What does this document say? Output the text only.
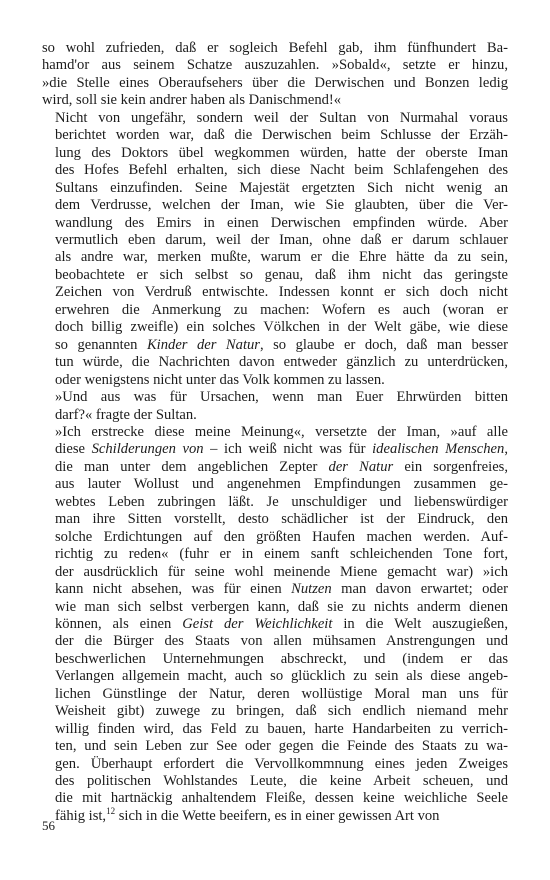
so wohl zufrieden, daß er sogleich Befehl gab, ihm fünfhundert Ba-
hamd'or aus seinem Schatze auszuzahlen. »Sobald«, setzte er hinzu,
»die Stelle eines Oberaufsehers über die Derwischen und Bonzen ledig
wird, soll sie kein andrer haben als Danischmend!«

Nicht von ungefähr, sondern weil der Sultan von Nurmahal voraus
berichtet worden war, daß die Derwischen beim Schlusse der Erzäh-
lung des Doktors übel wegkommen würden, hatte der oberste Iman
des Hofes Befehl erhalten, sich diese Nacht beim Schlafengehen des
Sultans einzufinden. Seine Majestät ergetzten Sich nicht wenig an
dem Verdrusse, welchen der Iman, wie Sie glaubten, über die Ver-
wandlung des Emirs in einen Derwischen empfinden würde. Aber
vermutlich eben darum, weil der Iman, ohne daß er darum schlauer
als andre war, merken mußte, warum er die Ehre hätte da zu sein,
beobachtete er sich selbst so genau, daß ihm nicht das geringste
Zeichen von Verdruß entwischte. Indessen konnt er sich doch nicht
erwehren die Anmerkung zu machen: Wofern es auch (woran er
doch billig zweifle) ein solches Völkchen in der Welt gäbe, wie diese
so genannten Kinder der Natur, so glaube er doch, daß man besser
tun würde, die Nachrichten davon entweder gänzlich zu unterdrücken,
oder wenigstens nicht unter das Volk kommen zu lassen.

»Und aus was für Ursachen, wenn man Euer Ehrwürden bitten
darf?« fragte der Sultan.

»Ich erstrecke diese meine Meinung«, versetzte der Iman, »auf alle
diese Schilderungen von – ich weiß nicht was für idealischen Menschen,
die man unter dem angeblichen Zepter der Natur ein sorgenfreies,
aus lauter Wollust und angenehmen Empfindungen zusammen ge-
webtes Leben zubringen läßt. Je unschuldiger und liebenswürdiger
man ihre Sitten vorstellt, desto schädlicher ist der Eindruck, den
solche Erdichtungen auf den größten Haufen machen werden. Auf-
richtig zu reden« (fuhr er in einem sanft schleichenden Tone fort,
der ausdrücklich für seine wohl meinende Miene gemacht war) »ich
kann nicht absehen, was für einen Nutzen man davon erwartet; oder
wie man sich selbst verbergen kann, daß sie zu nichts anderm dienen
können, als einen Geist der Weichlichkeit in die Welt auszugießen,
der die Bürger des Staats von allen mühsamen Anstrengungen und
beschwerlichen Unternehmungen abschreckt, und (indem er das
Verlangen allgemein macht, auch so glücklich zu sein als diese angeb-
lichen Günstlinge der Natur, deren wollüstige Moral man uns für
Weisheit gibt) zuwege zu bringen, daß sich endlich niemand mehr
willig finden wird, das Feld zu bauen, harte Handarbeiten zu verrich-
ten, und sein Leben zur See oder gegen die Feinde des Staats zu wa-
gen. Überhaupt erfordert die Vervollkommnung eines jeden Zweiges
des politischen Wohlstandes Leute, die keine Arbeit scheuen, und
die mit hartnäckig anhaltendem Fleiße, dessen keine weichliche Seele
fähig ist,$^{12}$ sich in die Wette beeifern, es in einer gewissen Art von

56
